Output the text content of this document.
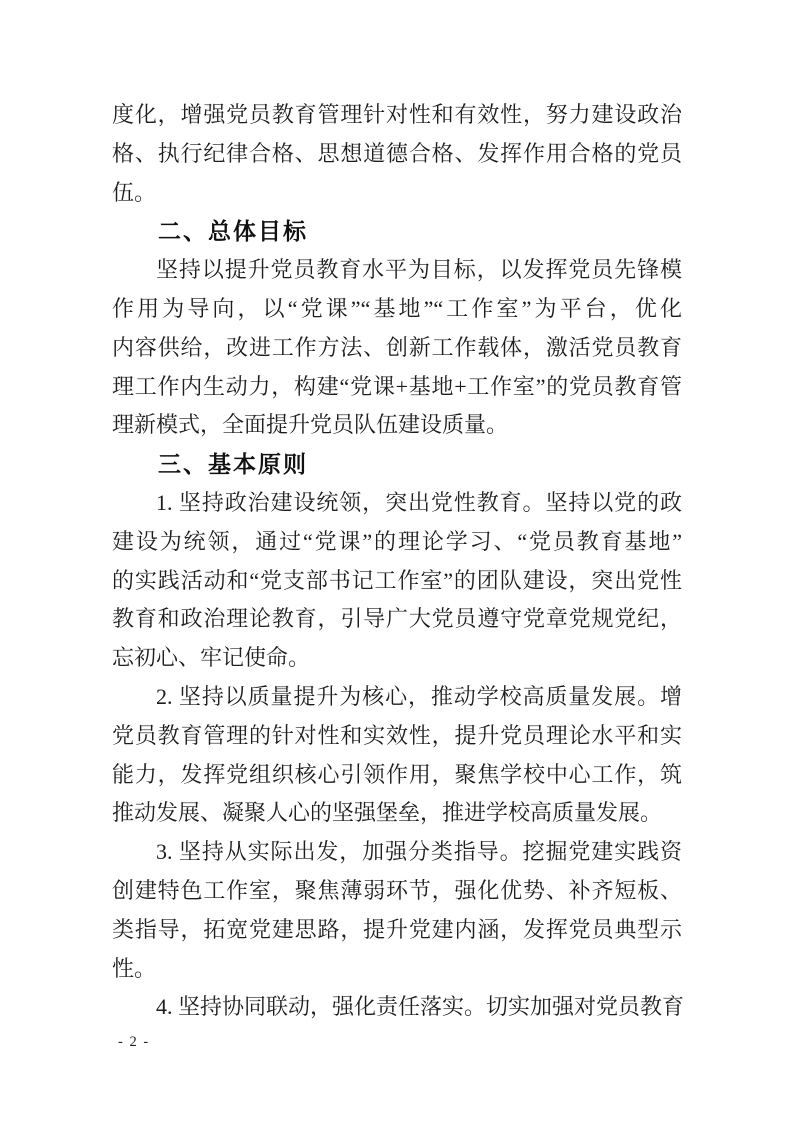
度化，增强党员教育管理针对性和有效性，努力建设政治
格、执行纪律合格、思想道德合格、发挥作用合格的党员
伍。
二、总体目标
坚持以提升党员教育水平为目标，以发挥党员先锋模
作用为导向，以“党课”“基地”“工作室”为平台，优化
内容供给，改进工作方法、创新工作载体，激活党员教育
理工作内生动力，构建“党课+基地+工作室”的党员教育管
理新模式，全面提升党员队伍建设质量。
三、基本原则
1. 坚持政治建设统领，突出党性教育。坚持以党的政
建设为统领，通过“党课”的理论学习、“党员教育基地”
的实践活动和“党支部书记工作室”的团队建设，突出党性
教育和政治理论教育，引导广大党员遵守党章党规党纪，
忘初心、牢记使命。
2. 坚持以质量提升为核心，推动学校高质量发展。增
党员教育管理的针对性和实效性，提升党员理论水平和实
能力，发挥党组织核心引领作用，聚焦学校中心工作，筑
推动发展、凝聚人心的坚强堡垒，推进学校高质量发展。
3. 坚持从实际出发，加强分类指导。挖掘党建实践资
创建特色工作室，聚焦薄弱环节，强化优势、补齐短板、
类指导，拓宽党建思路，提升党建内涵，发挥党员典型示
性。
4. 坚持协同联动，强化责任落实。切实加强对党员教育
- 2 -
